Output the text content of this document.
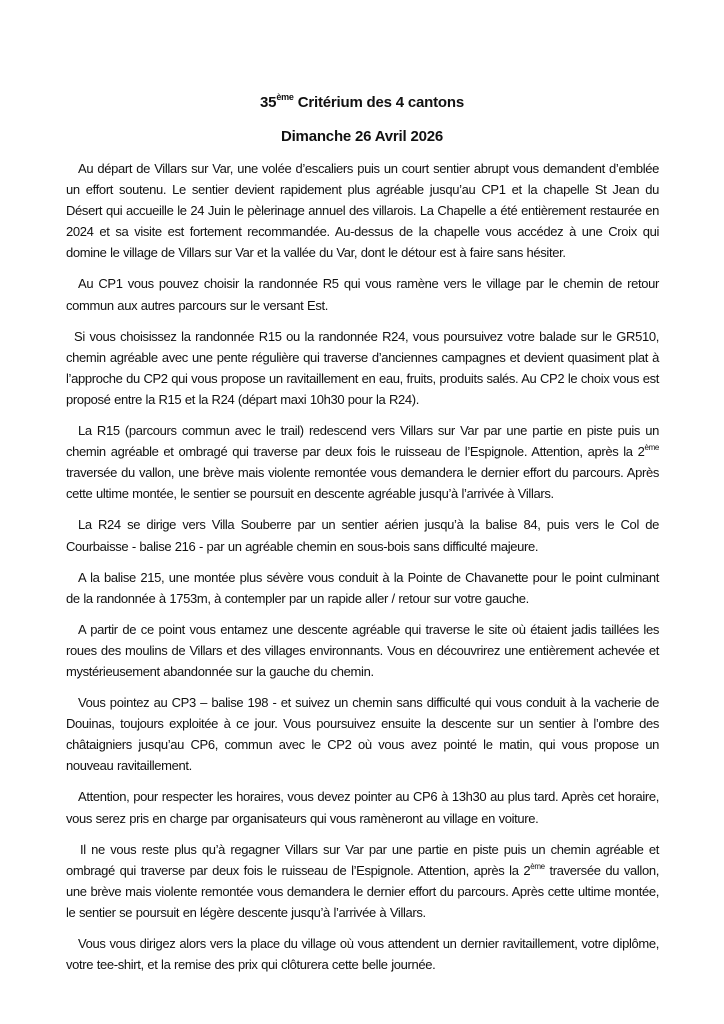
35ème Critérium des 4 cantons
Dimanche 26 Avril 2026

Au départ de Villars sur Var, une volée d’escaliers puis un court sentier abrupt vous demandent d’emblée un effort soutenu. Le sentier devient rapidement plus agréable jusqu’au CP1 et la chapelle St Jean du Désert qui accueille le 24 Juin le pèlerinage annuel des villarois. La Chapelle a été entièrement restaurée en 2024 et sa visite est fortement recommandée. Au-dessus de la chapelle vous accédez à une Croix qui domine le village de Villars sur Var et la vallée du Var, dont le détour est à faire sans hésiter.

Au CP1 vous pouvez choisir la randonnée R5 qui vous ramène vers le village par le chemin de retour commun aux autres parcours sur le versant Est.

Si vous choisissez la randonnée R15 ou la randonnée R24, vous poursuivez votre balade sur le GR510, chemin agréable avec une pente régulière qui traverse d’anciennes campagnes et devient quasiment plat à l’approche du CP2 qui vous propose un ravitaillement en eau, fruits, produits salés. Au CP2 le choix vous est proposé entre la R15 et la R24 (départ maxi 10h30 pour la R24).

La R15 (parcours commun avec le trail) redescend vers Villars sur Var par une partie en piste puis un chemin agréable et ombragé qui traverse par deux fois le ruisseau de l’Espignole. Attention, après la 2ème traversée du vallon, une brève mais violente remontée vous demandera le dernier effort du parcours. Après cette ultime montée, le sentier se poursuit en descente agréable jusqu’à l’arrivée à Villars.

La R24 se dirige vers Villa Souberre par un sentier aérien jusqu’à la balise 84, puis vers le Col de Courbaisse - balise 216 - par un agréable chemin en sous-bois sans difficulté majeure.

A la balise 215, une montée plus sévère vous conduit à la Pointe de Chavanette pour le point culminant de la randonnée à 1753m, à contempler par un rapide aller / retour sur votre gauche.

A partir de ce point vous entamez une descente agréable qui traverse le site où étaient jadis taillées les roues des moulins de Villars et des villages environnants. Vous en découvrirez une entièrement achevée et mystérieusement abandonnée sur la gauche du chemin.

Vous pointez au CP3 – balise 198 - et suivez un chemin sans difficulté qui vous conduit à la vacherie de Douinas, toujours exploitée à ce jour. Vous poursuivez ensuite la descente sur un sentier à l’ombre des châtaigniers jusqu’au CP6, commun avec le CP2 où vous avez pointé le matin, qui vous propose un nouveau ravitaillement.

Attention, pour respecter les horaires, vous devez pointer au CP6 à 13h30 au plus tard. Après cet horaire, vous serez pris en charge par organisateurs qui vous ramèneront au village en voiture.

Il ne vous reste plus qu’à regagner Villars sur Var par une partie en piste puis un chemin agréable et ombragé qui traverse par deux fois le ruisseau de l’Espignole. Attention, après la 2ème traversée du vallon, une brève mais violente remontée vous demandera le dernier effort du parcours. Après cette ultime montée, le sentier se poursuit en légère descente jusqu’à l’arrivée à Villars.

Vous vous dirigez alors vers la place du village où vous attendent un dernier ravitaillement, votre diplôme, votre tee-shirt, et la remise des prix qui clôturera cette belle journée.
